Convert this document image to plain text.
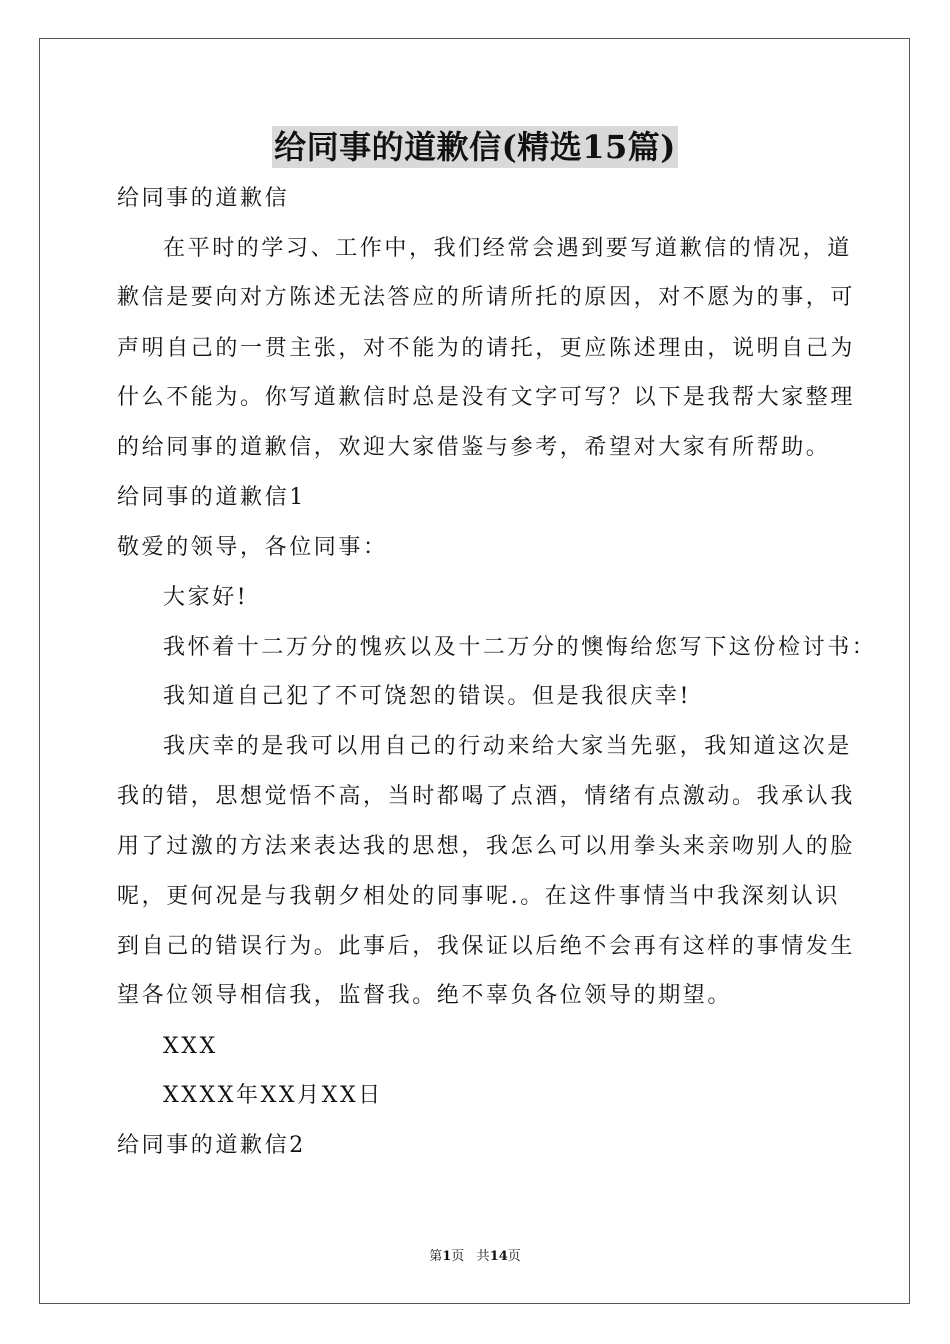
给同事的道歉信(精选15篇)
给同事的道歉信
在平时的学习、工作中，我们经常会遇到要写道歉信的情况，道
歉信是要向对方陈述无法答应的所请所托的原因，对不愿为的事，可
声明自己的一贯主张，对不能为的请托，更应陈述理由，说明自己为
什么不能为。你写道歉信时总是没有文字可写？以下是我帮大家整理
的给同事的道歉信，欢迎大家借鉴与参考，希望对大家有所帮助。
给同事的道歉信1
敬爱的领导，各位同事：
大家好!
我怀着十二万分的愧疚以及十二万分的懊悔给您写下这份检讨书：
我知道自己犯了不可饶恕的错误。但是我很庆幸!
我庆幸的是我可以用自己的行动来给大家当先驱，我知道这次是
我的错，思想觉悟不高，当时都喝了点酒，情绪有点激动。我承认我
用了过激的方法来表达我的思想，我怎么可以用拳头来亲吻别人的脸
呢，更何况是与我朝夕相处的同事呢.。在这件事情当中我深刻认识
到自己的错误行为。此事后，我保证以后绝不会再有这样的事情发生
望各位领导相信我，监督我。绝不辜负各位领导的期望。
XXX
XXXX年XX月XX日
给同事的道歉信2
第1页 共14页
